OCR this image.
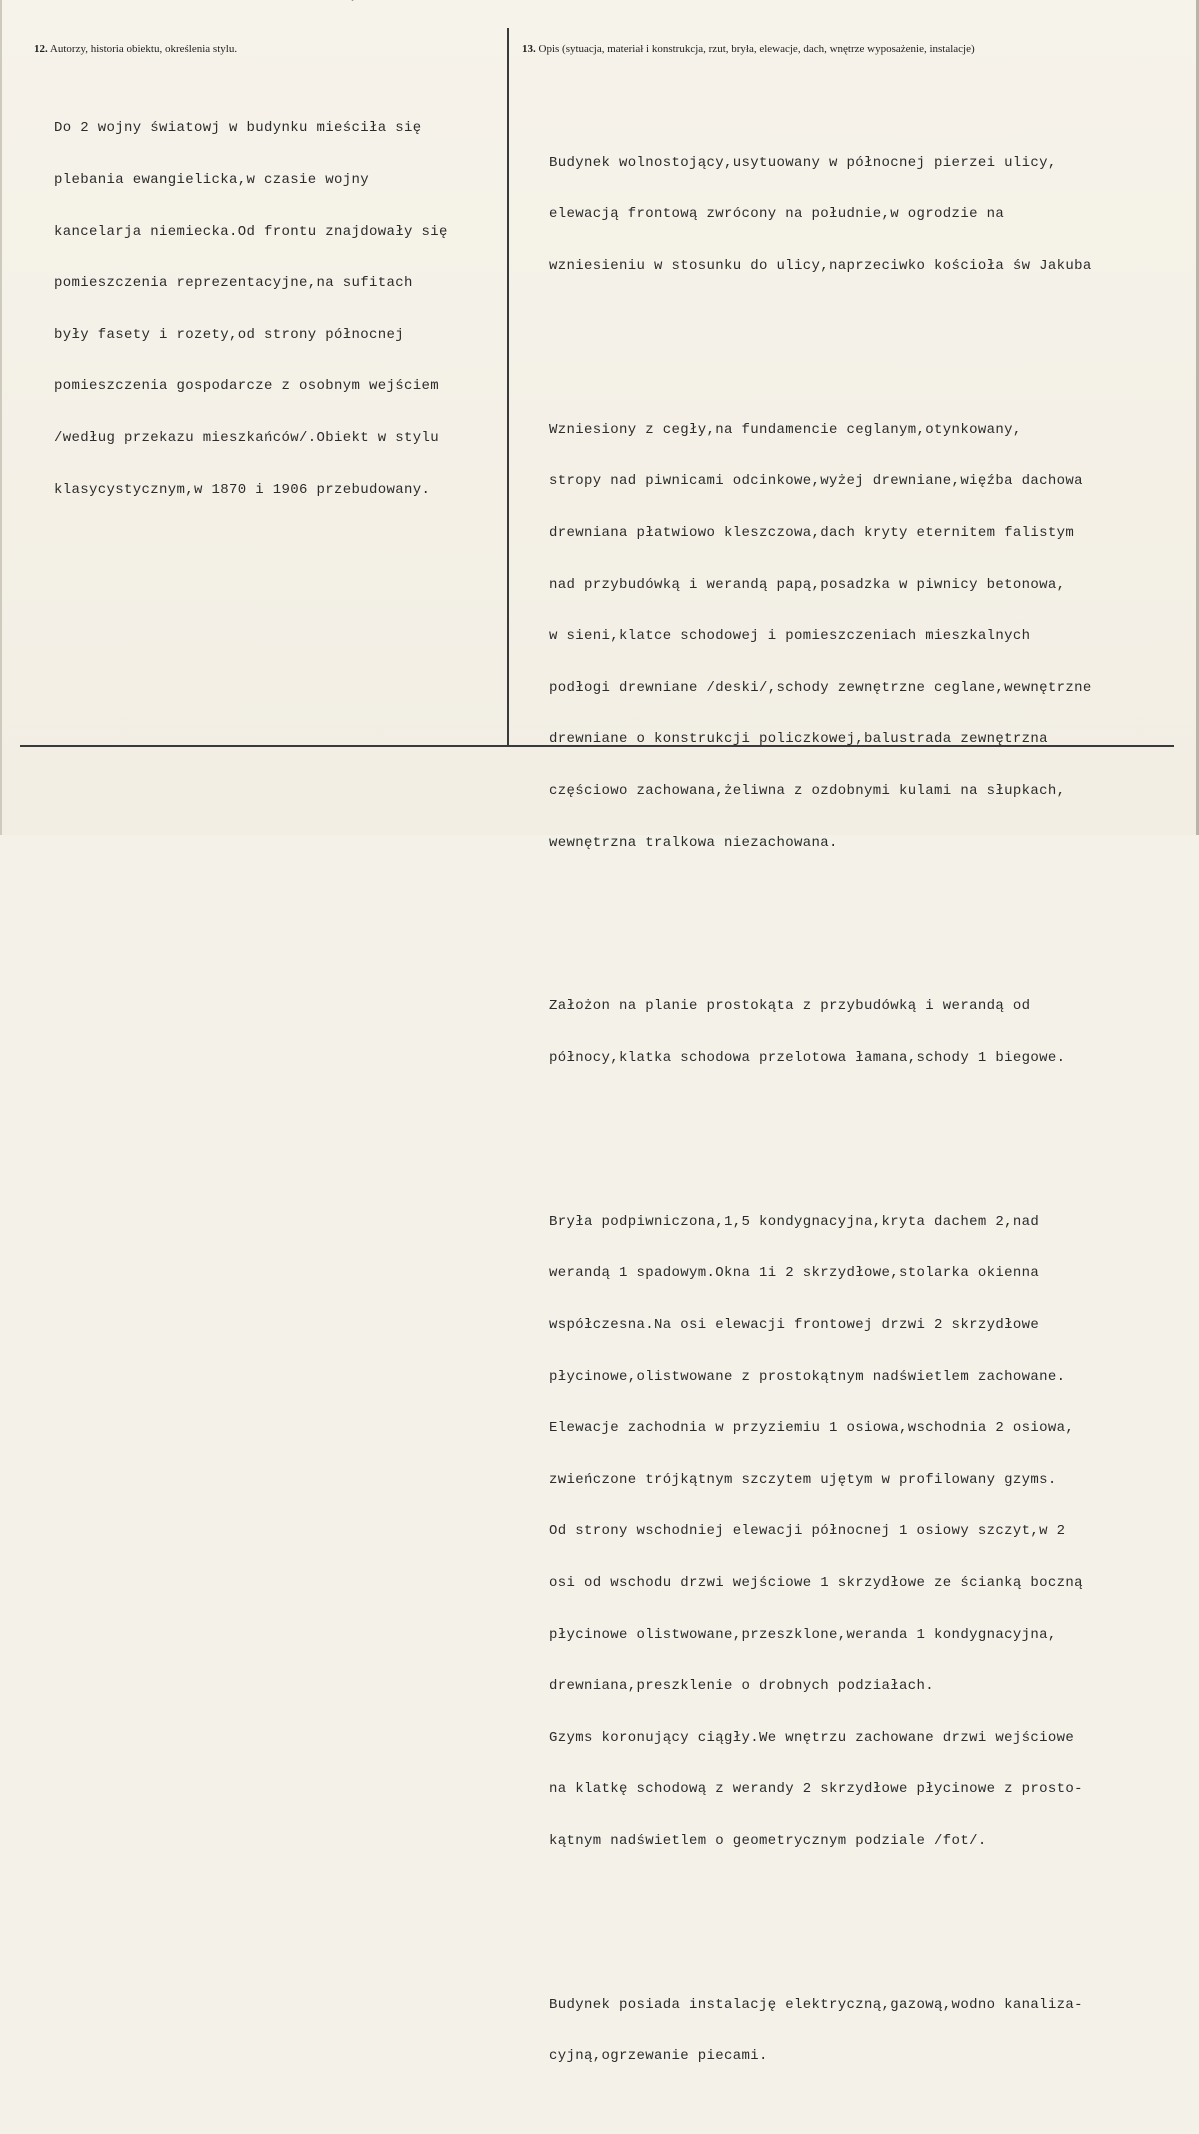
ˇ
12. Autorzy, historia obiektu, określenia stylu.	13. Opis (sytuacja, materiał i konstrukcja, rzut, bryła, elewacje, dach, wnętrze wyposażenie, instalacje)

Do 2 wojny światowj w budynku mieściła się

plebania ewangielicka,w czasie wojny

kancelarja niemiecka.Od frontu znajdowały się

pomieszczenia reprezentacyjne,na sufitach

były fasety i rozety,od strony północnej

pomieszczenia gospodarcze z osobnym wejściem

/według przekazu mieszkańców/.Obiekt w stylu

klasycystycznym,w 1870 i 1906 przebudowany.

Budynek wolnostojący,usytuowany w północnej pierzei ulicy,

elewacją frontową zwrócony na południe,w ogrodzie na

wzniesieniu w stosunku do ulicy,naprzeciwko kościoła św Jakuba

Wzniesiony z cegły,na fundamencie ceglanym,otynkowany,

stropy nad piwnicami odcinkowe,wyżej drewniane,więźba dachowa

drewniana płatwiowo kleszczowa,dach kryty eternitem falistym

nad przybudówką i werandą papą,posadzka w piwnicy betonowa,

w sieni,klatce schodowej i pomieszczeniach mieszkalnych

podłogi drewniane /deski/,schody zewnętrzne ceglane,wewnętrzne

drewniane o konstrukcji policzkowej,balustrada zewnętrzna

częściowo zachowana,żeliwna z ozdobnymi kulami na słupkach,

wewnętrzna tralkowa niezachowana.

Założon na planie prostokąta z przybudówką i werandą od

północy,klatka schodowa przelotowa łamana,schody 1 biegowe.

Bryła podpiwniczona,1,5 kondygnacyjna,kryta dachem 2,nad

werandą 1 spadowym.Okna 1i 2 skrzydłowe,stolarka okienna

współczesna.Na osi elewacji frontowej drzwi 2 skrzydłowe

płycinowe,olistwowane z prostokątnym nadświetlem zachowane.

Elewacje zachodnia w przyziemiu 1 osiowa,wschodnia 2 osiowa,

zwieńczone trójkątnym szczytem ujętym w profilowany gzyms.

Od strony wschodniej elewacji północnej 1 osiowy szczyt,w 2

osi od wschodu drzwi wejściowe 1 skrzydłowe ze ścianką boczną

płycinowe olistwowane,przeszklone,weranda 1 kondygnacyjna,

drewniana,preszklenie o drobnych podziałach.

Gzyms koronujący ciągły.We wnętrzu zachowane drzwi wejściowe

na klatkę schodową z werandy 2 skrzydłowe płycinowe z prosto-

kątnym nadświetlem o geometrycznym podziale /fot/.

Budynek posiada instalację elektryczną,gazową,wodno kanaliza-

cyjną,ogrzewanie piecami.
